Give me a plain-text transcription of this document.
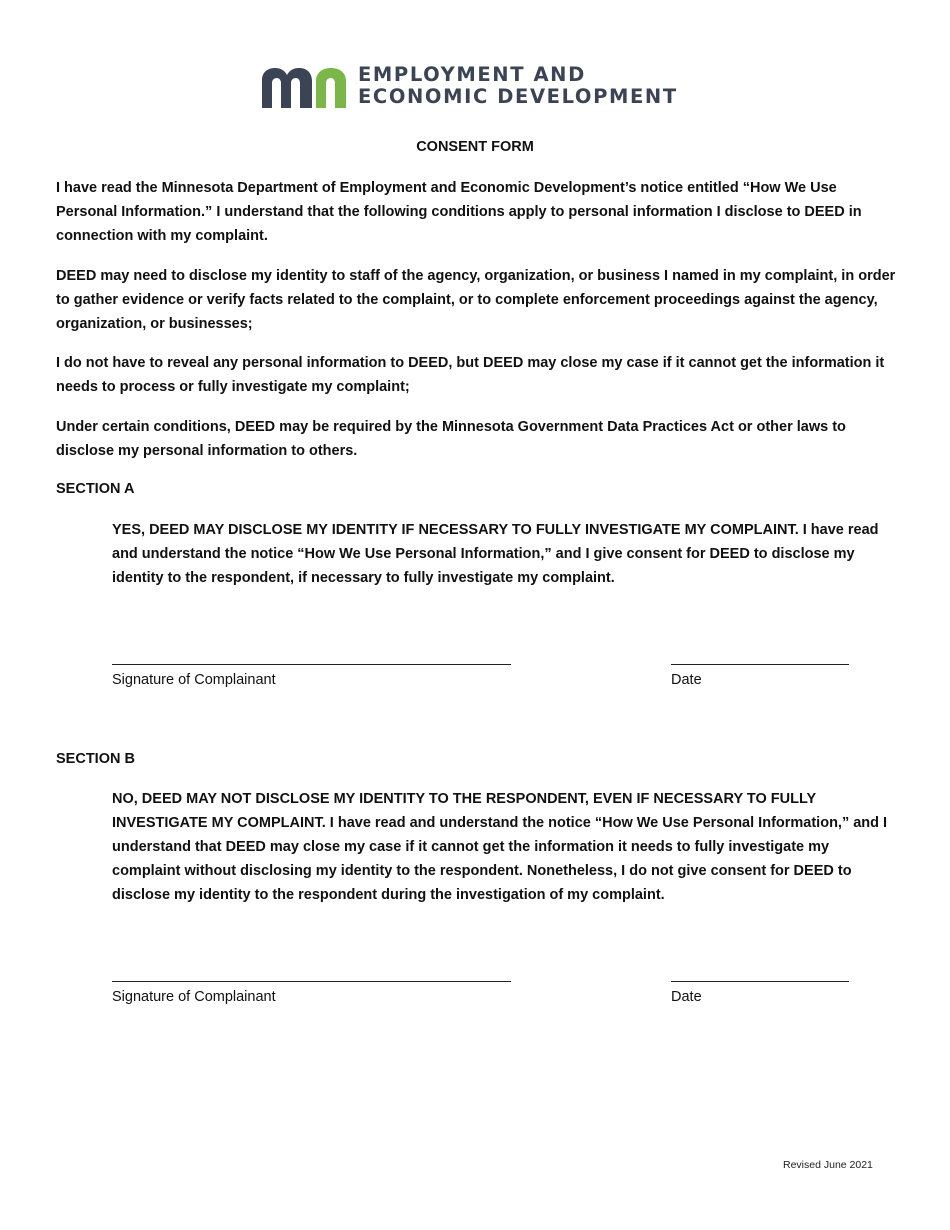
EMPLOYMENT AND
ECONOMIC DEVELOPMENT
CONSENT FORM

I have read the Minnesota Department of Employment and Economic Development’s notice entitled “How We Use Personal Information.” I understand that the following conditions apply to personal information I disclose to DEED in connection with my complaint.

DEED may need to disclose my identity to staff of the agency, organization, or business I named in my complaint, in order to gather evidence or verify facts related to the complaint, or to complete enforcement proceedings against the agency, organization, or businesses;

I do not have to reveal any personal information to DEED, but DEED may close my case if it cannot get the information it needs to process or fully investigate my complaint;

Under certain conditions, DEED may be required by the Minnesota Government Data Practices Act or other laws to disclose my personal information to others.

SECTION A

YES, DEED MAY DISCLOSE MY IDENTITY IF NECESSARY TO FULLY INVESTIGATE MY COMPLAINT. I have read and understand the notice “How We Use Personal Information,” and I give consent for DEED to disclose my identity to the respondent, if necessary to fully investigate my complaint.

Signature of Complainant	Date
SECTION B

NO, DEED MAY NOT DISCLOSE MY IDENTITY TO THE RESPONDENT, EVEN IF NECESSARY TO FULLY INVESTIGATE MY COMPLAINT. I have read and understand the notice “How We Use Personal Information,” and I understand that DEED may close my case if it cannot get the information it needs to fully investigate my complaint without disclosing my identity to the respondent. Nonetheless, I do not give consent for DEED to disclose my identity to the respondent during the investigation of my complaint.

Signature of Complainant	Date
Revised June 2021
